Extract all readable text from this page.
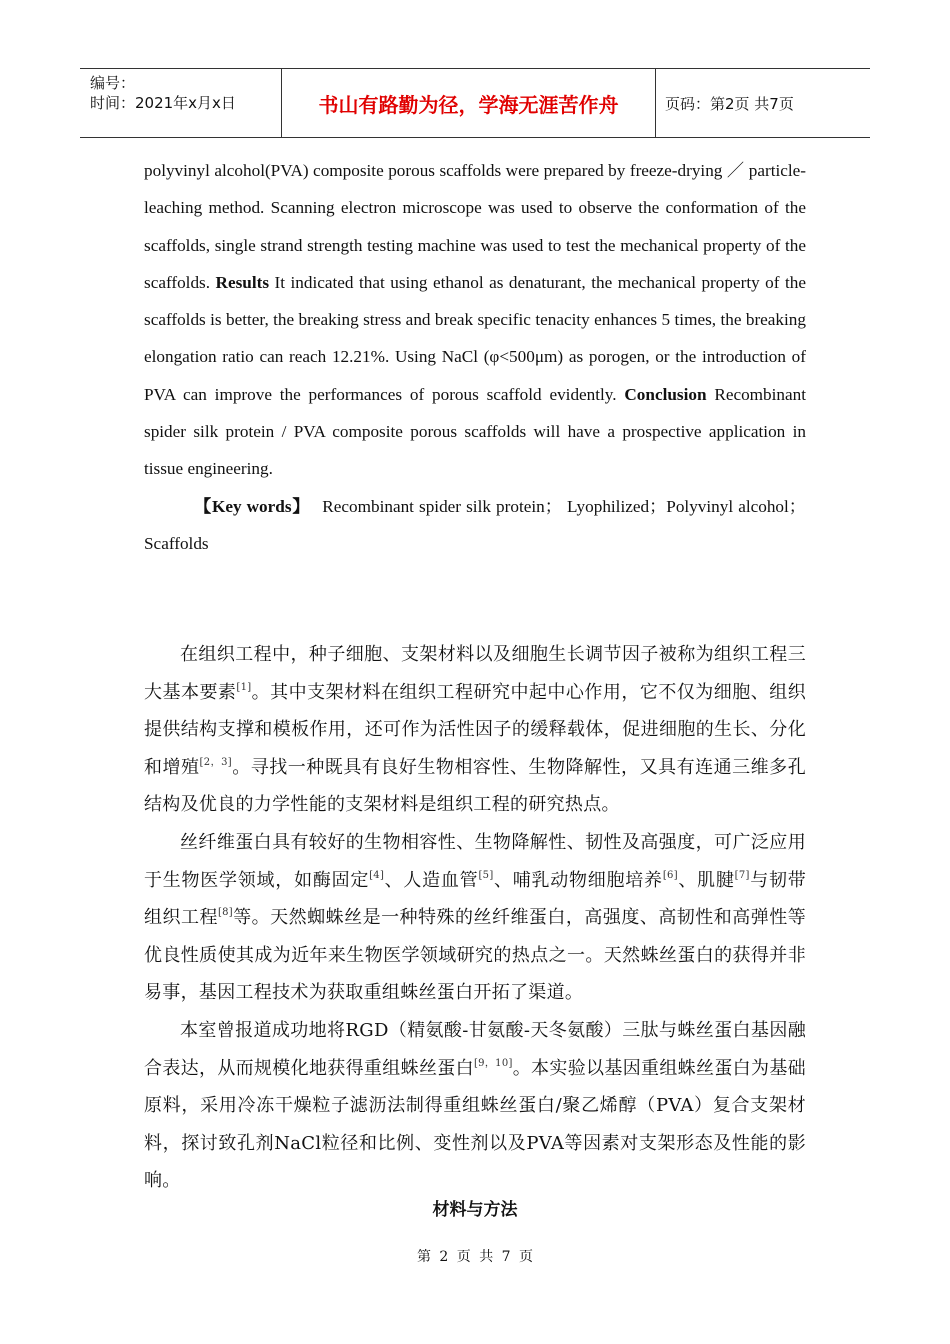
编号：
时间：2021年x月x日	书山有路勤为径，学海无涯苦作舟	页码：第2页 共7页

polyvinyl alcohol(PVA) composite porous scaffolds were prepared by freeze-drying ／ particle-leaching method. Scanning electron microscope was used to observe the conformation of the scaffolds, single strand strength testing machine was used to test the mechanical property of the scaffolds. Results It indicated that using ethanol as denaturant, the mechanical property of the scaffolds is better, the breaking stress and break specific tenacity enhances 5 times, the breaking elongation ratio can reach 12.21%. Using NaCl (φ<500μm) as porogen, or the introduction of PVA can improve the performances of porous scaffold evidently. Conclusion Recombinant spider silk protein / PVA composite porous scaffolds will have a prospective application in tissue engineering.

【Key words】 Recombinant spider silk protein； Lyophilized；Polyvinyl alcohol； Scaffolds

在组织工程中，种子细胞、支架材料以及细胞生长调节因子被称为组织工程三大基本要素[1]。其中支架材料在组织工程研究中起中心作用，它不仅为细胞、组织提供结构支撑和模板作用，还可作为活性因子的缓释载体，促进细胞的生长、分化和增殖[2，3]。寻找一种既具有良好生物相容性、生物降解性，又具有连通三维多孔结构及优良的力学性能的支架材料是组织工程的研究热点。

丝纤维蛋白具有较好的生物相容性、生物降解性、韧性及高强度，可广泛应用于生物医学领域，如酶固定[4]、人造血管[5]、哺乳动物细胞培养[6]、肌腱[7]与韧带组织工程[8]等。天然蜘蛛丝是一种特殊的丝纤维蛋白，高强度、高韧性和高弹性等优良性质使其成为近年来生物医学领域研究的热点之一。天然蛛丝蛋白的获得并非易事，基因工程技术为获取重组蛛丝蛋白开拓了渠道。

本室曾报道成功地将RGD（精氨酸-甘氨酸-天冬氨酸）三肽与蛛丝蛋白基因融合表达，从而规模化地获得重组蛛丝蛋白[9，10]。本实验以基因重组蛛丝蛋白为基础原料，采用冷冻干燥粒子滤沥法制得重组蛛丝蛋白/聚乙烯醇（PVA）复合支架材料，探讨致孔剂NaCl粒径和比例、变性剂以及PVA等因素对支架形态及性能的影响。

材料与方法
第 2 页 共 7 页
